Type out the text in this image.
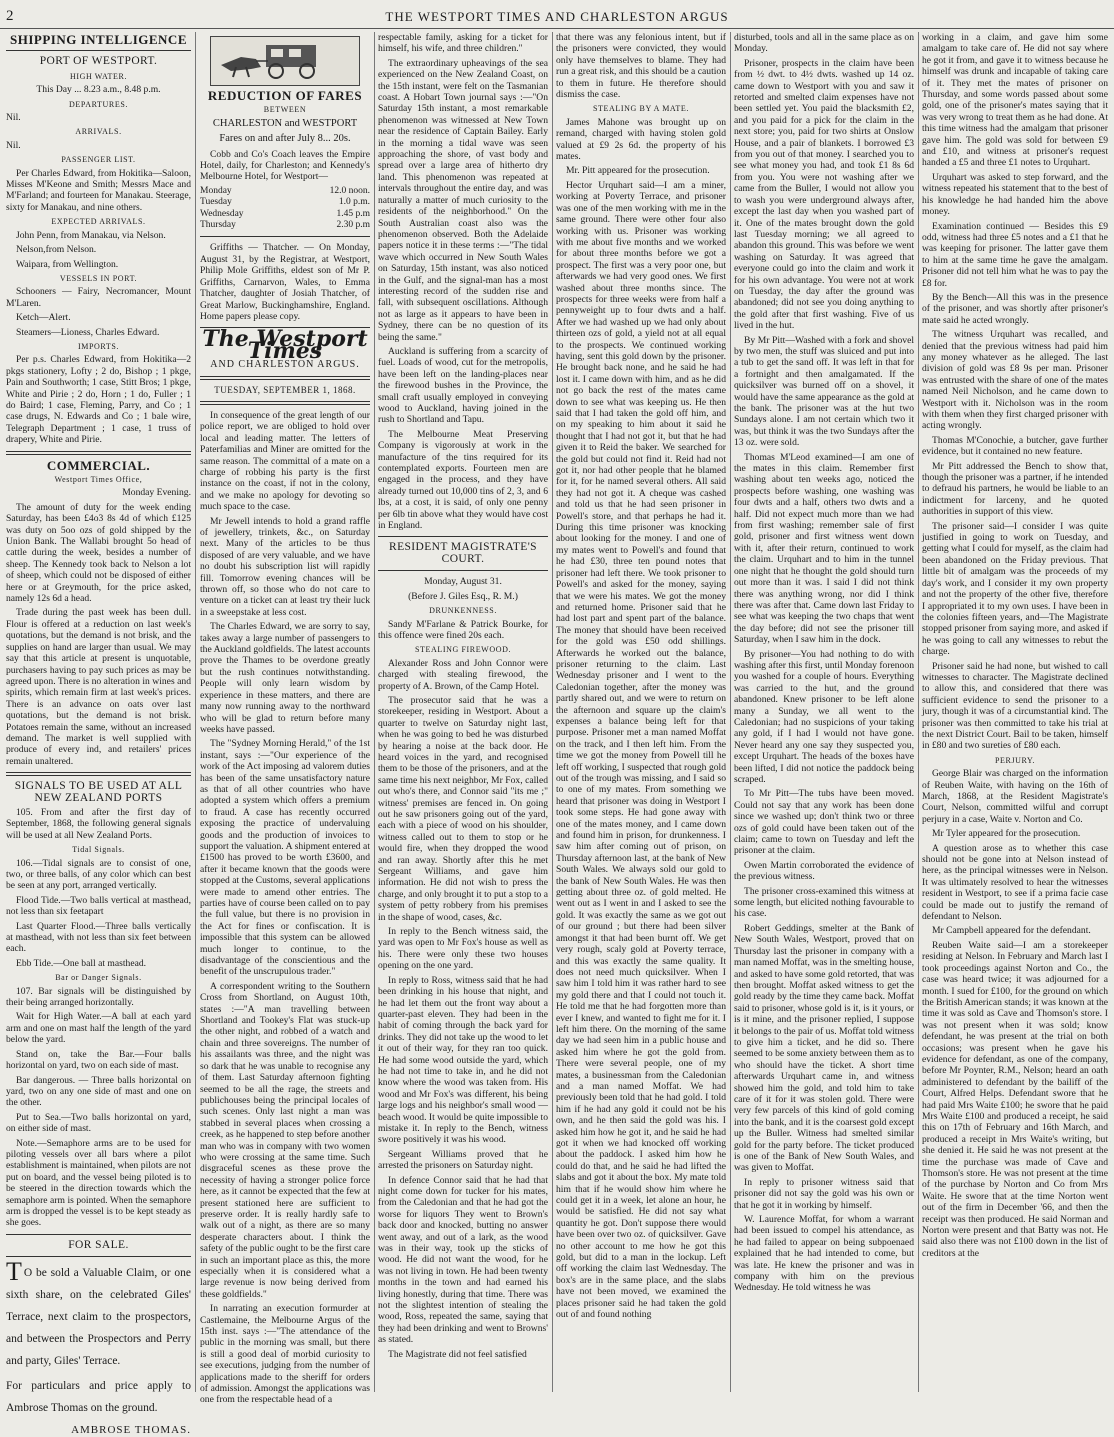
2	THE WESTPORT TIMES AND CHARLESTON ARGUS
SHIPPING INTELLIGENCE
PORT OF WESTPORT.
HIGH WATER.

This Day ... 8.23 a.m., 8.48 p.m.

DEPARTURES.

Nil.

ARRIVALS.

Nil.

PASSENGER LIST.

Per Charles Edward, from Hokitika—Saloon, Misses M'Keone and Smith; Messrs Mace and M'Farland; and fourteen for Manakau. Steerage, sixty for Manakau, and nine others.

EXPECTED ARRIVALS.

John Penn, from Manakau, via Nelson.

Nelson,from Nelson.

Waipara, from Wellington.

VESSELS IN PORT.

Schooners — Fairy, Necromancer, Mount M'Laren.

Ketch—Alert.

Steamers—Lioness, Charles Edward.

IMPORTS.

Per p.s. Charles Edward, from Hokitika—2 pkgs stationery, Lofty ; 2 do, Bishop ; 1 pkge, Pain and Southworth; 1 case, Stitt Bros; 1 pkge, White and Pirie ; 2 do, Horn ; 1 do, Fuller ; 1 do Baird; 1 case, Fleming, Parry, and Co ; 1 case drugs, N. Edwards and Co ; 1 bale wire, Telegraph Department ; 1 case, 1 truss of drapery, White and Pirie.

COMMERCIAL.
Westport Times Office,

Monday Evening.

The amount of duty for the week ending Saturday, has been £4o3 8s 4d of which £125 was duty on 5oo ozs of gold shipped by the Union Bank. The Wallabi brought 5o head of cattle during the week, besides a number of sheep. The Kennedy took back to Nelson a lot of sheep, which could not be disposed of either here or at Greymouth, for the price asked, namely 12s 6d a head.

Trade during the past week has been dull. Flour is offered at a reduction on last week's quotations, but the demand is not brisk, and the supplies on hand are larger than usual. We may say that this article at present is unquotable, purchasers having to pay such prices as may be agreed upon. There is no alteration in wines and spirits, which remain firm at last week's prices. There is an advance on oats over last quotations, but the demand is not brisk. Potatoes remain the same, without an increased demand. The market is well supplied with produce of every ind, and retailers' prices remain unaltered.

SIGNALS TO BE USED AT ALL NEW ZEALAND PORTS

105. From and after the first day of September, 1868, the following general signals will be used at all New Zealand Ports.

Tidal Signals.

106.—Tidal signals are to consist of one, two, or three balls, of any color which can best be seen at any port, arranged vertically.

Flood Tide.—Two balls vertical at masthead, not less than six feetapart

Last Quarter Flood.—Three balls vertically at masthead, with not less than six feet between each.

Ebb Tide.—One ball at masthead.

Bar or Danger Signals.

107. Bar signals will be distinguished by their being arranged horizontally.

Wait for High Water.—A ball at each yard arm and one on mast half the length of the yard below the yard.

Stand on, take the Bar.—Four balls horizontal on yard, two on each side of mast.

Bar dangerous. — Three balls horizontal on yard, two on any one side of mast and one on the other.

Put to Sea.—Two balls horizontal on yard, on either side of mast.

Note.—Semaphore arms are to be used for piloting vessels over all bars where a pilot establishment is maintained, when pilots are not put on board, and the vessel being piloted is to be steered in the direction towards which the semaphore arm is pointed. When the semaphore arm is dropped the vessel is to be kept steady as she goes.

FOR SALE.

T O be sold a Valuable Claim, or one sixth share, on the celebrated Giles' Terrace, next claim to the prospectors, and between the Prospectors and Perry and party, Giles' Terrace.

For particulars and price apply to Ambrose Thomas on the ground.

AMBROSE THOMAS.
REDUCTION OF FARES
BETWEEN
CHARLESTON and WESTPORT
Fares on and after July 8... 20s.

Cobb and Co's Coach leaves the Empire Hotel, daily, for Charleston; and Kennedy's Melbourne Hotel, for Westport—

Monday	12.0 noon.
Tuesday	1.0 p.m.
Wednesday	1.45 p.m
Thursday	2.30 p.m

Griffiths — Thatcher. — On Monday, August 31, by the Registrar, at Westport, Philip Mole Griffiths, eldest son of Mr P. Griffiths, Carnarvon, Wales, to Emma Thatcher, daughter of Josiah Thatcher, of Great Marlow, Buckinghamshire, England. Home papers please copy.

The Westport Times
AND CHARLESTON ARGUS.
TUESDAY, SEPTEMBER 1, 1868.

In consequence of the great length of our police report, we are obliged to hold over local and leading matter. The letters of Paterfamilias and Miner are omitted for the same reason. The committal of a mate on a charge of robbing his party is the first instance on the coast, if not in the colony, and we make no apology for devoting so much space to the case.

Mr Jewell intends to hold a grand raffle of jewellery, trinkets, &c., on Saturday next. Many of the articles to be thus disposed of are very valuable, and we have no doubt his subscription list will rapidly fill. Tomorrow evening chances will be thrown off, so those who do not care to venture on a ticket can at least try their luck in a sweepstake at less cost.

The Charles Edward, we are sorry to say, takes away a large number of passengers to the Auckland goldfields. The latest accounts prove the Thames to be overdone greatly but the rush continues notwithstanding. People will only learn wisdom by experience in these matters, and there are many now running away to the northward who will be glad to return before many weeks have passed.

The "Sydney Morning Herald," of the 1st instant, says :—"Our experience of the work of the Act imposing ad valorem duties has been of the same unsatisfactory nature as that of all other countries who have adopted a system which offers a premium to fraud. A case has recently occurred exposing the practice of undervaluing goods and the production of invoices to support the valuation. A shipment entered at £1500 has proved to be worth £3600, and after it became known that the goods were stopped at the Customs, several applications were made to amend other entries. The parties have of course been called on to pay the full value, but there is no provision in the Act for fines or confiscation. It is impossible that this system can be allowed much longer to continue, to the disadvantage of the conscientious and the benefit of the unscrupulous trader."

A correspondent writing to the Southern Cross from Shortland, on August 10th, states :—"A man travelling between Shortland and Tookey's Flat was stuck-up the other night, and robbed of a watch and chain and three sovereigns. The number of his assailants was three, and the night was so dark that he was unable to recognise any of them. Last Saturday afternoon fighting seemed to be all the rage, the streets and publichouses being the principal locales of such scenes. Only last night a man was stabbed in several places when crossing a creek, as he happened to step before another man who was in company with two women who were crossing at the same time. Such disgraceful scenes as these prove the necessity of having a stronger police force here, as it cannot be expected that the few at present stationed here are sufficient to preserve order. It is really hardly safe to walk out of a night, as there are so many desperate characters about. I think the safety of the public ought to be the first care in such an important place as this, the more especially when it is considered what a large revenue is now being derived from these goldfields."

In narrating an execution formurder at Castlemaine, the Melbourne Argus of the 15th inst. says :—"The attendance of the public in the morning was small, but there is still a good deal of morbid curiosity to see executions, judging from the number of applications made to the sheriff for orders of admission. Amongst the applications was one from the respectable head of a

respectable family, asking for a ticket for himself, his wife, and three children."

The extraordinary upheavings of the sea experienced on the New Zealand Coast, on the 15th instant, were felt on the Tasmanian coast. A Hobart Town journal says :—"On Saturday 15th instant, a most remarkable phenomenon was witnessed at New Town near the residence of Captain Bailey. Early in the morning a tidal wave was seen approaching the shore, of vast body and spread over a large area of hitherto dry land. This phenomenon was repeated at intervals throughout the entire day, and was naturally a matter of much curiosity to the residents of the neighborhood." On the South Australian coast also was the phenomenon observed. Both the Adelaide papers notice it in these terms :—"The tidal wave which occurred in New South Wales on Saturday, 15th instant, was also noticed in the Gulf, and the signal-man has a most interesting record of the sudden rise and fall, with subsequent oscillations. Although not as large as it appears to have been in Sydney, there can be no question of its being the same."

Auckland is suffering from a scarcity of fuel. Loads of wood, cut for the metropolis, have been left on the landing-places near the firewood bushes in the Province, the small craft usually employed in conveying wood to Auckland, having joined in the rush to Shortland and Tapu.

The Melbourne Meat Preserving Company is vigorously at work in the manufacture of the tins required for its contemplated exports. Fourteen men are engaged in the process, and they have already turned out 10,000 tins of 2, 3, and 6 lbs, at a cost, it is said, of only one penny per 6lb tin above what they would have cost in England.

RESIDENT MAGISTRATE'S COURT.

Monday, August 31.

(Before J. Giles Esq., R. M.)

DRUNKENNESS.

Sandy M'Farlane & Patrick Bourke, for this offence were fined 20s each.

STEALING FIREWOOD.

Alexander Ross and John Connor were charged with stealing firewood, the property of A. Brown, of the Camp Hotel.

The prosecutor said that he was a storekeeper, residing in Westport. About a quarter to twelve on Saturday night last, when he was going to bed he was disturbed by hearing a noise at the back door. He heard voices in the yard, and recognised them to be those of the prisoners, and at the same time his next neighbor, Mr Fox, called out who's there, and Connor said "its me ;" witness' premises are fenced in. On going out he saw prisoners going out of the yard, each with a piece of wood on his shoulder, witness called out to them to stop or he would fire, when they dropped the wood and ran away. Shortly after this he met Sergeant Williams, and gave him information. He did not wish to press the charge, and only brought it to put a stop to a system of petty robbery from his premises in the shape of wood, cases, &c.

In reply to the Bench witness said, the yard was open to Mr Fox's house as well as his. There were only these two houses opening on the one yard.

In reply to Ross, witness said that he had been drinking in his house that night, and he had let them out the front way about a quarter-past eleven. They had been in the habit of coming through the back yard for drinks. They did not take up the wood to let it out of their way, for they ran too quick. He had some wood outside the yard, which he had not time to take in, and he did not know where the wood was taken from. His wood and Mr Fox's was different, his being large logs and his neighbor's small wood — beach wood. It would be quite impossible to mistake it. In reply to the Bench, witness swore positively it was his wood.

Sergeant Williams proved that he arrested the prisoners on Saturday night.

In defence Connor said that he had that night come down for tucker for his mates, from the Caledonian and that he had got the worse for liquors They went to Brown's back door and knocked, butting no answer went away, and out of a lark, as the wood was in their way, took up the sticks of wood. He did not want the wood, for he was not living in town. He had been twenty months in the town and had earned his living honestly, during that time. There was not the slightest intention of stealing the wood, Ross, repeated the same, saying that they had been drinking and went to Browns' as stated.

The Magistrate did not feel satisfied

that there was any felonious intent, but if the prisoners were convicted, they would only have themselves to blame. They had run a great risk, and this should be a caution to them in future. He therefore should dismiss the case.

STEALING BY A MATE.

James Mahone was brought up on remand, charged with having stolen gold valued at £9 2s 6d. the property of his mates.

Mr. Pitt appeared for the prosecution.

Hector Urquhart said—I am a miner, working at Poverty Terrace, and prisoner was one of the men working with me in the same ground. There were other four also working with us. Prisoner was working with me about five months and we worked for about three months before we got a prospect. The first was a very poor one, but afterwards we had very good ones. We first washed about three months since. The prospects for three weeks were from half a pennyweight up to four dwts and a half. After we had washed up we had only about thirteen ozs of gold, a yield not at all equal to the prospects. We continued working having, sent this gold down by the prisoner. He brought back none, and he said he had lost it. I came down with him, and as he did not go back the rest of the mates came down to see what was keeping us. He then said that I had taken the gold off him, and on my speaking to him about it said he thought that I had not got it, but that he had given it to Reid the baker. We searched for the gold but could not find it. Reid had not got it, nor had other people that he blamed for it, for he named several others. All said they had not got it. A cheque was cashed and told us that he had seen prisoner in Powell's store, and that perhaps he had it. During this time prisoner was knocking about looking for the money. I and one of my mates went to Powell's and found that he had £30, three ten pound notes that prisoner had left there. We took prisoner to Powell's and asked for the money, saying that we were his mates. We got the money and returned home. Prisoner said that he had lost part and spent part of the balance. The money that should have been received for the gold was £50 odd shillings. Afterwards he worked out the balance, prisoner returning to the claim. Last Wednesday prisoner and I went to the Caledonian together, after the money was partly shared out, and we were to return on the afternoon and square up the claim's expenses a balance being left for that purpose. Prisoner met a man named Moffat on the track, and I then left him. From the time we got the money from Powell till he left off working, I suspected that rough gold out of the trough was missing, and I said so to one of my mates. From something we heard that prisoner was doing in Westport I took some steps. He had gone away with one of the mates money, and I came down and found him in prison, for drunkenness. I saw him after coming out of prison, on Thursday afternoon last, at the bank of New South Wales. We always sold our gold to the bank of New South Wales. He was then getting about three oz. of gold melted. He went out as I went in and I asked to see the gold. It was exactly the same as we got out of our ground ; but there had been silver amongst it that had been burnt off. We get very rough, scaly gold at Poverty terrace, and this was exactly the same quality. It does not need much quicksilver. When I saw him I told him it was rather hard to see my gold there and that I could not touch it. He told me that he had forgotten more than ever I knew, and wanted to fight me for it. I left him there. On the morning of the same day we had seen him in a public house and asked him where he got the gold from. There were several people, one of my mates, a businessman from the Caledonian and a man named Moffat. We had previously been told that he had gold. I told him if he had any gold it could not be his own, and he then said the gold was his. I asked him how he got it, and he said he had got it when we had knocked off working about the paddock. I asked him how he could do that, and he said he had lifted the slabs and got it about the box. My mate told him that if he would show him where he could get it in a week, let alone an hour, he would be satisfied. He did not say what quantity he got. Don't suppose there would have been over two oz. of quicksilver. Gave no other account to me how he got this gold, but did to a man in the lockup. Left off working the claim last Wednesday. The box's are in the same place, and the slabs have not been moved, we examined the places prisoner said he had taken the gold out of and found nothing

disturbed, tools and all in the same place as on Monday.

Prisoner, prospects in the claim have been from ½ dwt. to 4½ dwts. washed up 14 oz. came down to Westport with you and saw it retorted and smelted claim expenses have not been settled yet. You paid the blacksmith £2, and you paid for a pick for the claim in the next store; you, paid for two shirts at Onslow House, and a pair of blankets. I borrowed £3 from you out of that money. I searched you to see what money you had, and took £1 8s 6d from you. You were not washing after we came from the Buller, I would not allow you to wash you were underground always after, except the last day when you washed part of it. One of the mates brought down the gold last Tuesday morning; we all agreed to abandon this ground. This was before we went washing on Saturday. It was agreed that everyone could go into the claim and work it for his own advantage. You were not at work on Tuesday, the day after the ground was abandoned; did not see you doing anything to the gold after that first washing. Five of us lived in the hut.

By Mr Pitt—Washed with a fork and shovel by two men, the stuff was sluiced and put into a tub to get the sand off. It was left in that for a fortnight and then amalgamated. If the quicksilver was burned off on a shovel, it would have the same appearance as the gold at the bank. The prisoner was at the hut two Sundays alone. I am not certain which two it was, but think it was the two Sundays after the 13 oz. were sold.

Thomas M'Leod examined—I am one of the mates in this claim. Remember first washing about ten weeks ago, noticed the prospects before washing, one washing was four dwts and a half, others two dwts and a half. Did not expect much more than we had from first washing; remember sale of first gold, prisoner and first witness went down with it, after their return, continued to work the claim. Urquhart and to him in the tunnel one night that he thought the gold should turn out more than it was. I said I did not think there was anything wrong, nor did I think there was after that. Came down last Friday to see what was keeping the two chaps that went the day before; did not see the prisoner till Saturday, when I saw him in the dock.

By prisoner—You had nothing to do with washing after this first, until Monday forenoon you washed for a couple of hours. Everything was carried to the hut, and the ground abandoned. Knew prisoner to be left alone many a Sunday, we all went to the Caledonian; had no suspicions of your taking any gold, if I had I would not have gone. Never heard any one say they suspected you, except Urquhart. The heads of the boxes have been lifted, I did not notice the paddock being scraped.

To Mr Pitt—The tubs have been moved. Could not say that any work has been done since we washed up; don't think two or three ozs of gold could have been taken out of the claim; came to town on Tuesday and left the prisoner at the claim.

Owen Martin corroborated the evidence of the previous witness.

The prisoner cross-examined this witness at some length, but elicited nothing favourable to his case.

Robert Geddings, smelter at the Bank of New South Wales, Westport, proved that on Thursday last the prisoner in company with a man named Moffat, was in the smelting house, and asked to have some gold retorted, that was then brought. Moffat asked witness to get the gold ready by the time they came back. Moffat said to prisoner, whose gold is it, is it yours, or is it mine, and the prisoner replied, I suppose it belongs to the pair of us. Moffat told witness to give him a ticket, and he did so. There seemed to be some anxiety between them as to who should have the ticket. A short time afterwards Urquhart came in, and witness showed him the gold, and told him to take care of it for it was stolen gold. There were very few parcels of this kind of gold coming into the bank, and it is the coarsest gold except up the Buller. Witness had smelted similar gold for the party before. The ticket produced is one of the Bank of New South Wales, and was given to Moffat.

In reply to prisoner witness said that prisoner did not say the gold was his own or that he got it in working by himself.

W. Laurence Moffat, for whom a warrant had been issued to compel his attendance, as he had failed to appear on being subpoenaed explained that he had intended to come, but was late. He knew the prisoner and was in company with him on the previous Wednesday. He told witness he was

working in a claim, and gave him some amalgam to take care of. He did not say where he got it from, and gave it to witness because he himself was drunk and incapable of taking care of it. They met the mates of prisoner on Thursday, and some words passed about some gold, one of the prisoner's mates saying that it was very wrong to treat them as he had done. At this time witness had the amalgam that prisoner gave him. The gold was sold for between £9 and £10, and witness at prisoner's request handed a £5 and three £1 notes to Urquhart.

Urquhart was asked to step forward, and the witness repeated his statement that to the best of his knowledge he had handed him the above money.

Examination continued — Besides this £9 odd, witness had three £5 notes and a £1 that he was keeping for prisoner. The latter gave them to him at the same time he gave the amalgam. Prisoner did not tell him what he was to pay the £8 for.

By the Bench—All this was in the presence of the prisoner, and was shortly after prisoner's mate said he acted wrongly.

The witness Urquhart was recalled, and denied that the previous witness had paid him any money whatever as he alleged. The last division of gold was £8 9s per man. Prisoner was entrusted with the share of one of the mates named Neil Nicholson, and he came down to Westport with it. Nicholson was in the room with them when they first charged prisoner with acting wrongly.

Thomas M'Conochie, a butcher, gave further evidence, but it contained no new feature.

Mr Pitt addressed the Bench to show that, though the prisoner was a partner, if he intended to defraud his partners, he would be liable to an indictment for larceny, and he quoted authorities in support of this view.

The prisoner said—I consider I was quite justified in going to work on Tuesday, and getting what I could for myself, as the claim had been abandoned on the Friday previous. That little bit of amalgam was the proceeds of my day's work, and I consider it my own property and not the property of the other five, therefore I appropriated it to my own uses. I have been in the colonies fifteen years, and—The Magistrate stopped prisoner from saying more, and asked if he was going to call any witnesses to rebut the charge.

Prisoner said he had none, but wished to call witnesses to character. The Magistrate declined to allow this, and considered that there was sufficient evidence to send the prisoner to a jury, though it was of a circumstantial kind. The prisoner was then committed to take his trial at the next District Court. Bail to be taken, himself in £80 and two sureties of £80 each.

PERJURY.

George Blair was charged on the information of Reuben Waite, with having on the 16th of March, 1868, at the Resident Magistrate's Court, Nelson, committed wilful and corrupt perjury in a case, Waite v. Norton and Co.

Mr Tyler appeared for the prosecution.

A question arose as to whether this case should not be gone into at Nelson instead of here, as the principal witnesses were in Nelson. It was ultimately resolved to hear the witnesses resident in Westport, to see if a prima facie case could be made out to justify the remand of defendant to Nelson.

Mr Campbell appeared for the defendant.

Reuben Waite said—I am a storekeeper residing at Nelson. In February and March last I took proceedings against Norton and Co., the case was heard twice; it was adjourned for a month. I sued for £100, for the ground on which the British American stands; it was known at the time it was sold as Cave and Thomson's store. I was not present when it was sold; know defendant, he was present at the trial on both occasions; was present when he gave his evidence for defendant, as one of the company, before Mr Poynter, R.M., Nelson; heard an oath administered to defendant by the bailiff of the Court, Alfred Helps. Defendant swore that he had paid Mrs Waite £100; he swore that he paid Mrs Waite £100 and produced a receipt, he said this on 17th of February and 16th March, and produced a receipt in Mrs Waite's writing, but she denied it. He said he was not present at the time the purchase was made of Cave and Thomson's store. He was not present at the time of the purchase by Norton and Co from Mrs Waite. He swore that at the time Norton went out of the firm in December '66, and then the receipt was then produced. He said Norman and Norton were present and that Batty was not. He said also there was not £100 down in the list of creditors at the
